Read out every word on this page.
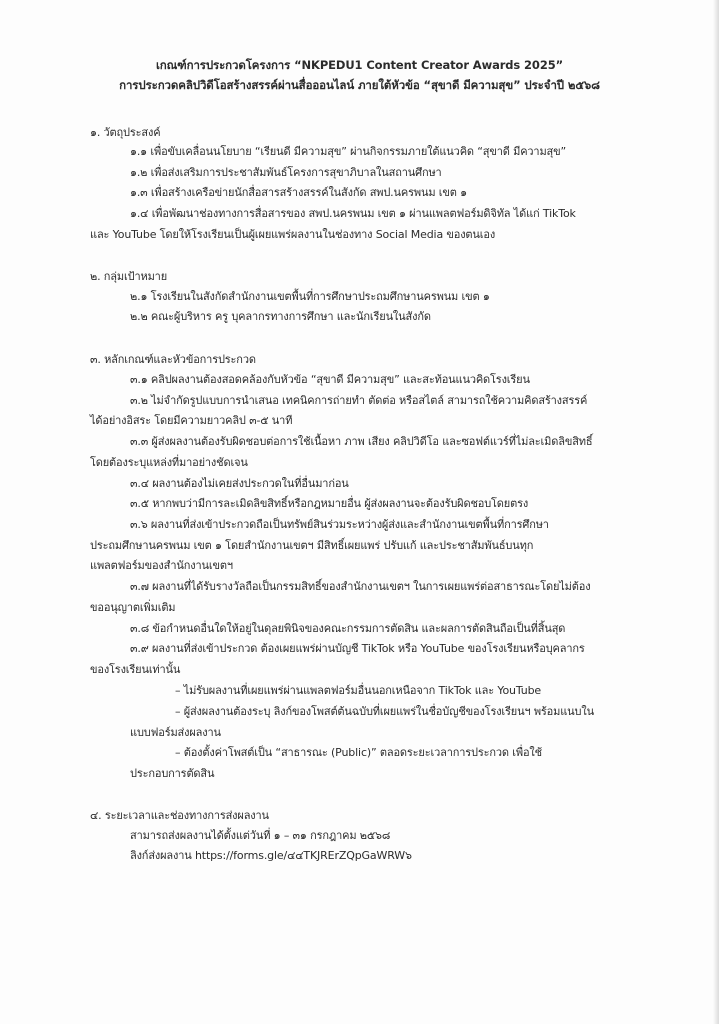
เกณฑ์การประกวดโครงการ “NKPEDU1 Content Creator Awards 2025”
การประกวดคลิปวิดีโอสร้างสรรค์ผ่านสื่อออนไลน์ ภายใต้หัวข้อ “สุขาดี มีความสุข” ประจำปี ๒๕๖๘
๑. วัตถุประสงค์
๑.๑ เพื่อขับเคลื่อนนโยบาย “เรียนดี มีความสุข” ผ่านกิจกรรมภายใต้แนวคิด “สุขาดี มีความสุข”
๑.๒ เพื่อส่งเสริมการประชาสัมพันธ์โครงการสุขาภิบาลในสถานศึกษา
๑.๓ เพื่อสร้างเครือข่ายนักสื่อสารสร้างสรรค์ในสังกัด สพป.นครพนม เขต ๑
๑.๔ เพื่อพัฒนาช่องทางการสื่อสารของ สพป.นครพนม เขต ๑ ผ่านแพลตฟอร์มดิจิทัล ได้แก่ TikTok
และ YouTube โดยให้โรงเรียนเป็นผู้เผยแพร่ผลงานในช่องทาง Social Media ของตนเอง
๒. กลุ่มเป้าหมาย
๒.๑ โรงเรียนในสังกัดสำนักงานเขตพื้นที่การศึกษาประถมศึกษานครพนม เขต ๑
๒.๒ คณะผู้บริหาร ครู บุคลากรทางการศึกษา และนักเรียนในสังกัด
๓. หลักเกณฑ์และหัวข้อการประกวด
๓.๑ คลิปผลงานต้องสอดคล้องกับหัวข้อ “สุขาดี มีความสุข” และสะท้อนแนวคิดโรงเรียน
๓.๒ ไม่จำกัดรูปแบบการนำเสนอ เทคนิคการถ่ายทำ ตัดต่อ หรือสไตล์ สามารถใช้ความคิดสร้างสรรค์
ได้อย่างอิสระ โดยมีความยาวคลิป ๓-๕ นาที
๓.๓ ผู้ส่งผลงานต้องรับผิดชอบต่อการใช้เนื้อหา ภาพ เสียง คลิปวิดีโอ และซอฟต์แวร์ที่ไม่ละเมิดลิขสิทธิ์
โดยต้องระบุแหล่งที่มาอย่างชัดเจน
๓.๔ ผลงานต้องไม่เคยส่งประกวดในที่อื่นมาก่อน
๓.๕ หากพบว่ามีการละเมิดลิขสิทธิ์หรือกฎหมายอื่น ผู้ส่งผลงานจะต้องรับผิดชอบโดยตรง
๓.๖ ผลงานที่ส่งเข้าประกวดถือเป็นทรัพย์สินร่วมระหว่างผู้ส่งและสำนักงานเขตพื้นที่การศึกษา
ประถมศึกษานครพนม เขต ๑ โดยสำนักงานเขตฯ มีสิทธิ์เผยแพร่ ปรับแก้ และประชาสัมพันธ์บนทุก
แพลตฟอร์มของสำนักงานเขตฯ
๓.๗ ผลงานที่ได้รับรางวัลถือเป็นกรรมสิทธิ์ของสำนักงานเขตฯ ในการเผยแพร่ต่อสาธารณะโดยไม่ต้อง
ขออนุญาตเพิ่มเติม
๓.๘ ข้อกำหนดอื่นใดให้อยู่ในดุลยพินิจของคณะกรรมการตัดสิน และผลการตัดสินถือเป็นที่สิ้นสุด
๓.๙ ผลงานที่ส่งเข้าประกวด ต้องเผยแพร่ผ่านบัญชี TikTok หรือ YouTube ของโรงเรียนหรือบุคลากร
ของโรงเรียนเท่านั้น
– ไม่รับผลงานที่เผยแพร่ผ่านแพลตฟอร์มอื่นนอกเหนือจาก TikTok และ YouTube
– ผู้ส่งผลงานต้องระบุ ลิงก์ของโพสต์ต้นฉบับที่เผยแพร่ในชื่อบัญชีของโรงเรียนฯ พร้อมแนบใน
แบบฟอร์มส่งผลงาน
– ต้องตั้งค่าโพสต์เป็น “สาธารณะ (Public)” ตลอดระยะเวลาการประกวด เพื่อใช้
ประกอบการตัดสิน
๔. ระยะเวลาและช่องทางการส่งผลงาน
สามารถส่งผลงานได้ตั้งแต่วันที่ ๑ – ๓๑ กรกฎาคม ๒๕๖๘
ลิงก์ส่งผลงาน https://forms.gle/๔๔TKJRErZQpGaWRW๖
